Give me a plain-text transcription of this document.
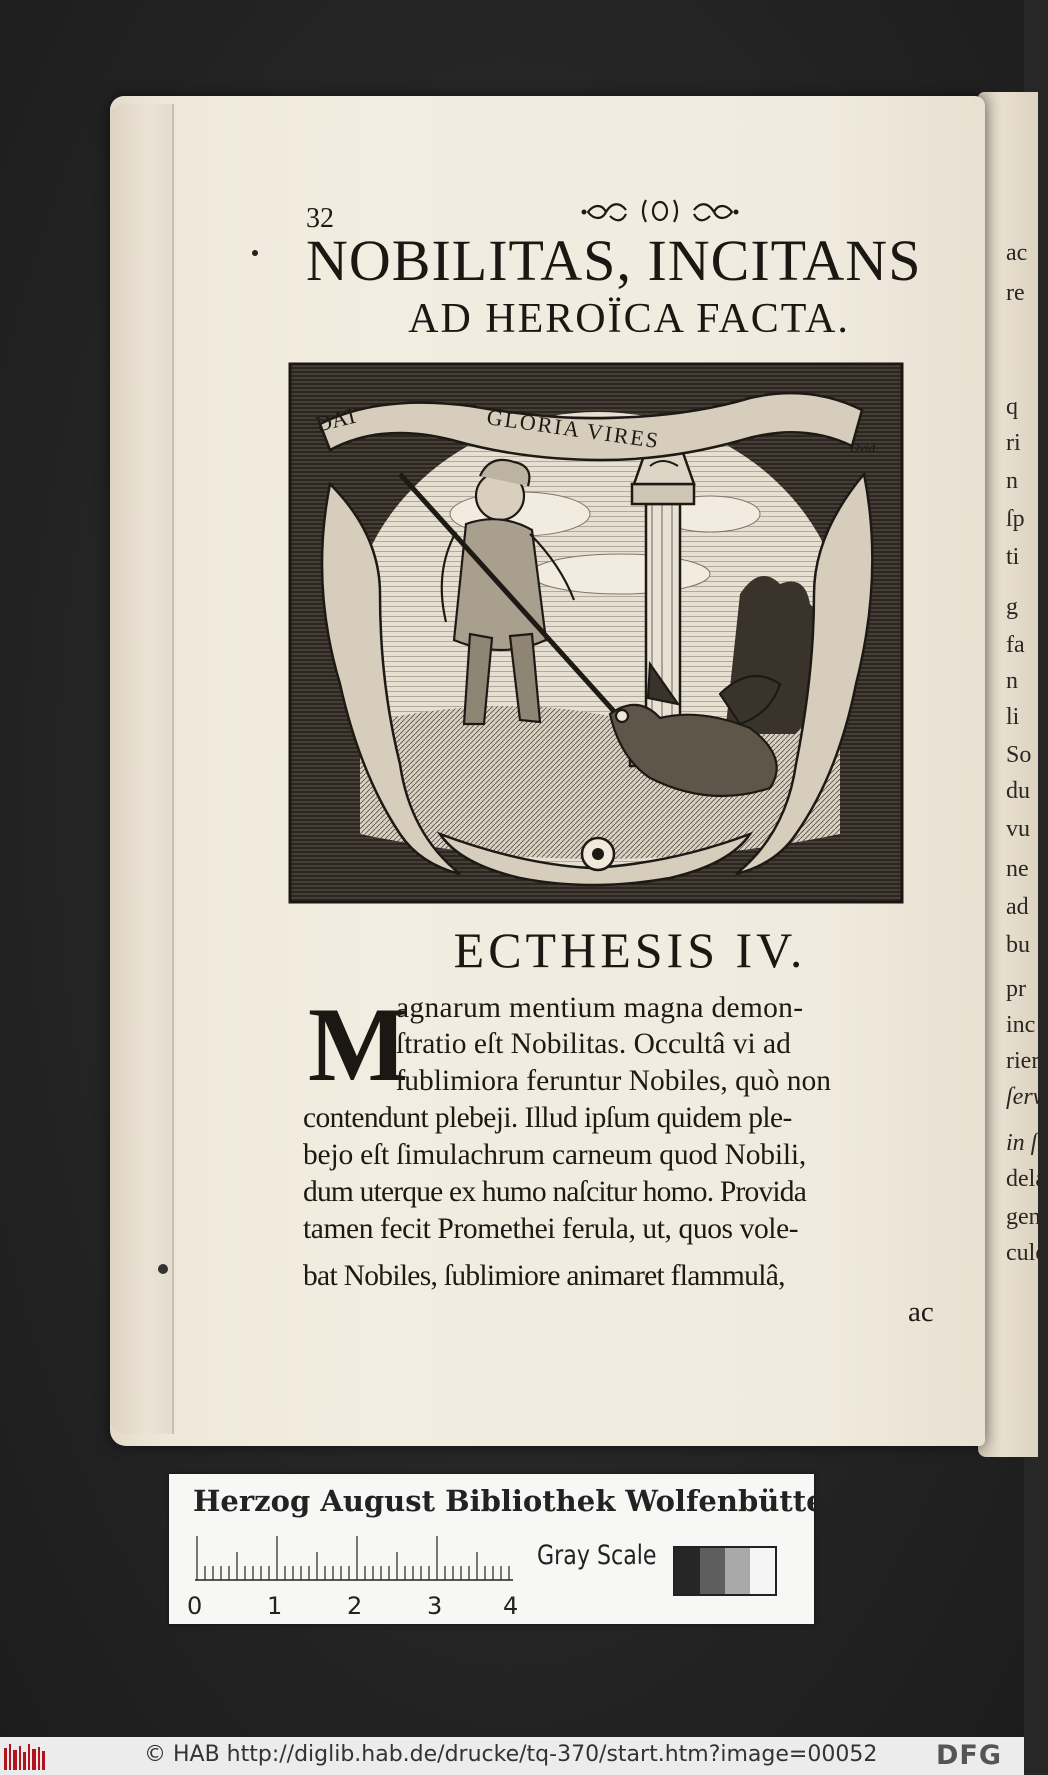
32
NOBILITAS, INCITANS
AD HEROÏCA FACTA.
DAT	GLORIA VIRES	Ovid.
ECTHESIS IV.
M
agnarum mentium magna demon-
ſtratio eſt Nobilitas. Occultâ vi ad
ſublimiora feruntur Nobiles, quò non
contendunt plebeji. Illud ipſum quidem ple-
bejo eſt ſimulachrum carneum quod Nobili,
dum uterque ex humo naſcitur homo. Provida
tamen fecit Promethei ferula, ut, quos vole-
bat Nobiles, ſublimiore animaret flammulâ,
ac
ac
re
q
ri
n
ſp
ti
g
fa
n
li
So
du
vu
ne
ad
bu
pr
inc
rier
ſerv
in ſe
dela
geni
cule
Herzog August Bibliothek Wolfenbüttel
Gray Scale
0	1	2	3	4
© HAB http://diglib.hab.de/drucke/tq-370/start.htm?image=00052 DFG
